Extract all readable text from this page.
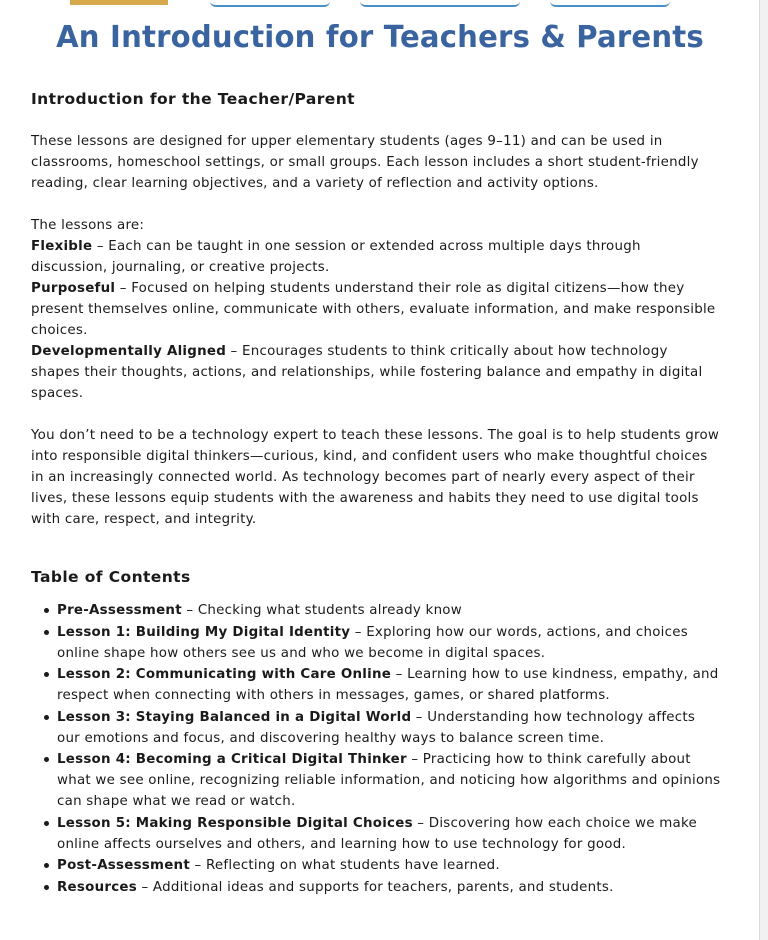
An Introduction for Teachers & Parents
Introduction for the Teacher/Parent

These lessons are designed for upper elementary students (ages 9–11) and can be used in classrooms, homeschool settings, or small groups. Each lesson includes a short student-friendly reading, clear learning objectives, and a variety of reflection and activity options.

The lessons are:

Flexible – Each can be taught in one session or extended across multiple days through discussion, journaling, or creative projects.

Purposeful – Focused on helping students understand their role as digital citizens—how they present themselves online, communicate with others, evaluate information, and make responsible choices.

Developmentally Aligned – Encourages students to think critically about how technology shapes their thoughts, actions, and relationships, while fostering balance and empathy in digital spaces.

You don’t need to be a technology expert to teach these lessons. The goal is to help students grow into responsible digital thinkers—curious, kind, and confident users who make thoughtful choices in an increasingly connected world. As technology becomes part of nearly every aspect of their lives, these lessons equip students with the awareness and habits they need to use digital tools with care, respect, and integrity.

Table of Contents
Pre-Assessment – Checking what students already know
Lesson 1: Building My Digital Identity – Exploring how our words, actions, and choices online shape how others see us and who we become in digital spaces.
Lesson 2: Communicating with Care Online – Learning how to use kindness, empathy, and respect when connecting with others in messages, games, or shared platforms.
Lesson 3: Staying Balanced in a Digital World – Understanding how technology affects our emotions and focus, and discovering healthy ways to balance screen time.
Lesson 4: Becoming a Critical Digital Thinker – Practicing how to think carefully about what we see online, recognizing reliable information, and noticing how algorithms and opinions can shape what we read or watch.
Lesson 5: Making Responsible Digital Choices – Discovering how each choice we make online affects ourselves and others, and learning how to use technology for good.
Post-Assessment – Reflecting on what students have learned.
Resources – Additional ideas and supports for teachers, parents, and students.
